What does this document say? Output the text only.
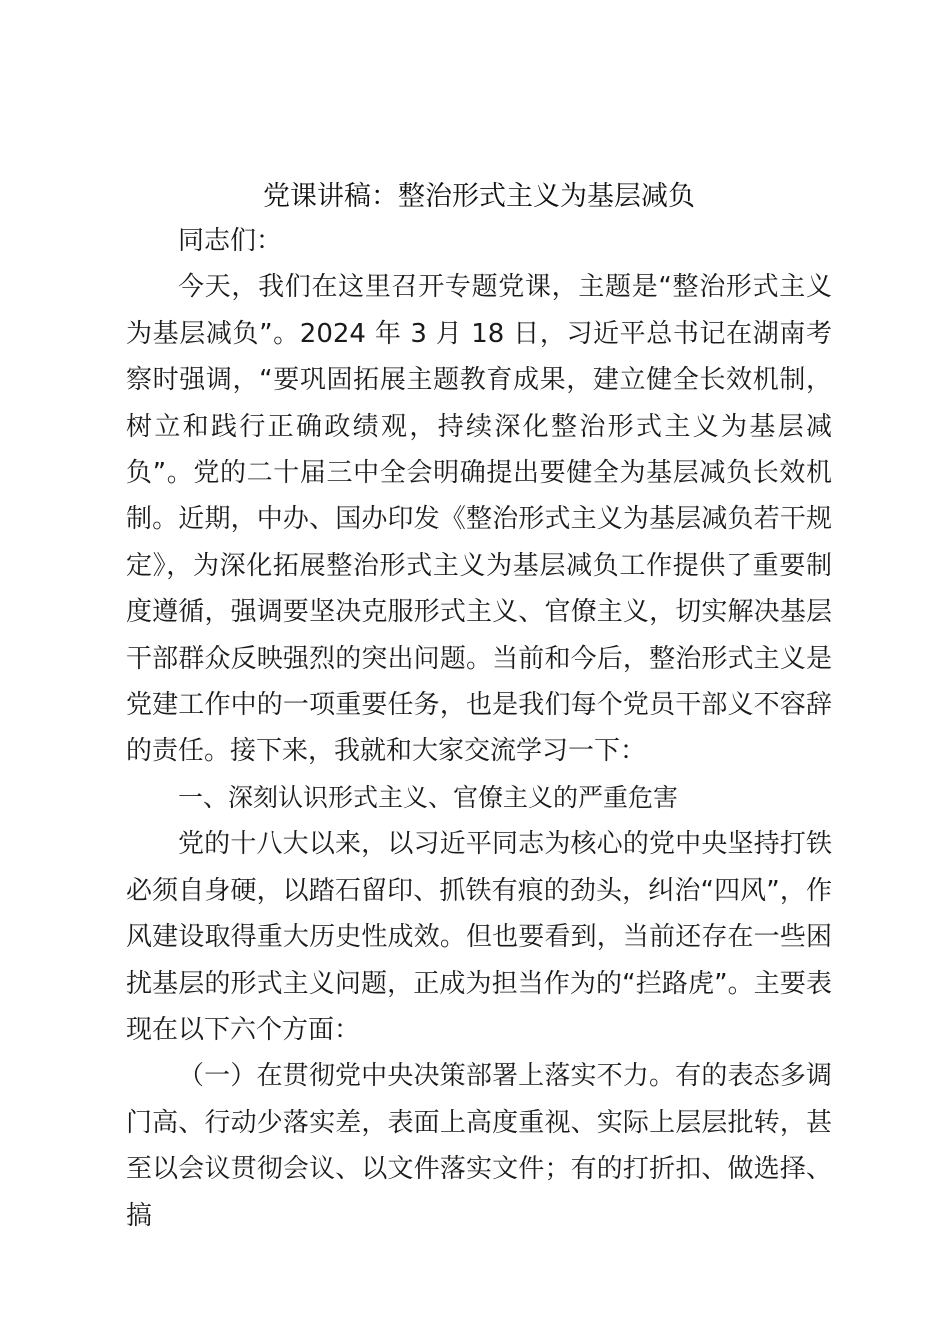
党课讲稿：整治形式主义为基层减负

同志们：

今天，我们在这里召开专题党课，主题是“整治形式主义为基层减负”。2024 年 3 月 18 日，习近平总书记在湖南考察时强调，“要巩固拓展主题教育成果，建立健全长效机制，树立和践行正确政绩观，持续深化整治形式主义为基层减负”。党的二十届三中全会明确提出要健全为基层减负长效机制。近期，中办、国办印发《整治形式主义为基层减负若干规定》，为深化拓展整治形式主义为基层减负工作提供了重要制度遵循，强调要坚决克服形式主义、官僚主义，切实解决基层干部群众反映强烈的突出问题。当前和今后，整治形式主义是党建工作中的一项重要任务，也是我们每个党员干部义不容辞的责任。接下来，我就和大家交流学习一下：

一、深刻认识形式主义、官僚主义的严重危害

党的十八大以来，以习近平同志为核心的党中央坚持打铁必须自身硬，以踏石留印、抓铁有痕的劲头，纠治“四风”，作风建设取得重大历史性成效。但也要看到，当前还存在一些困扰基层的形式主义问题，正成为担当作为的“拦路虎”。主要表现在以下六个方面：

（一）在贯彻党中央决策部署上落实不力。有的表态多调门高、行动少落实差，表面上高度重视、实际上层层批转，甚至以会议贯彻会议、以文件落实文件；有的打折扣、做选择、搞
